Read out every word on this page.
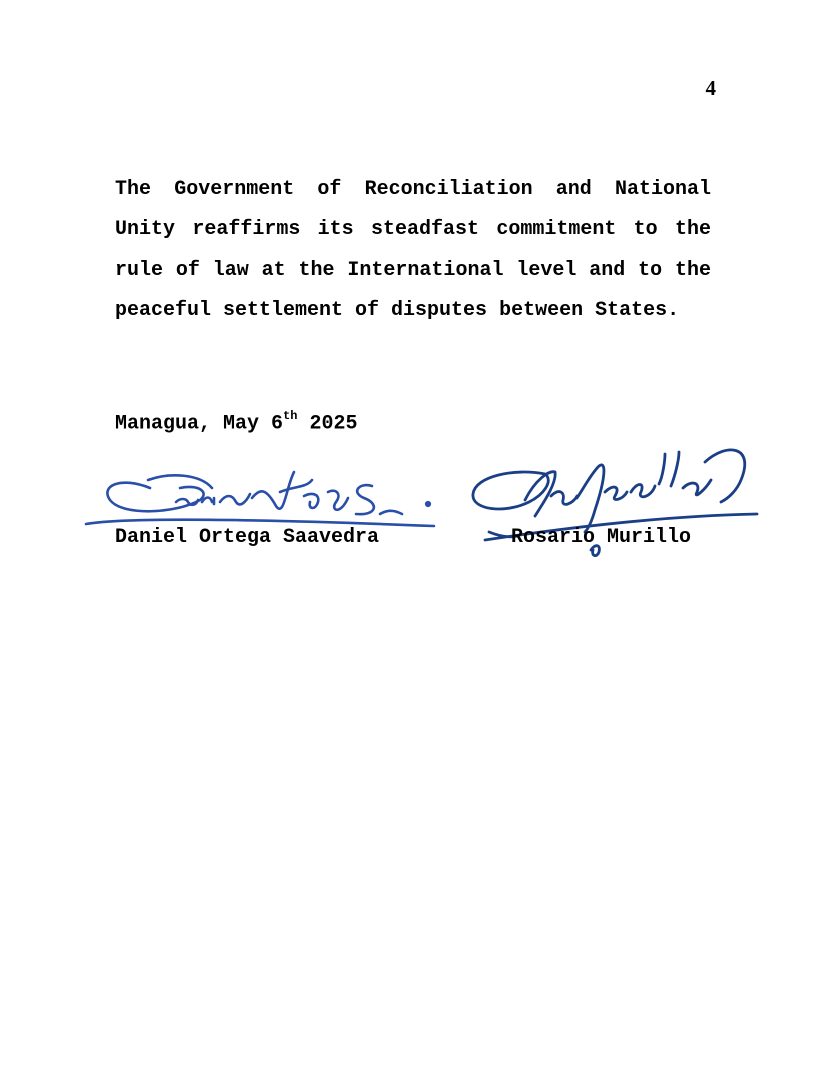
4

The Government of Reconciliation and National Unity reaffirms its steadfast commitment to the rule of law at the International level and to the peaceful settlement of disputes between States.

Managua, May 6th 2025

Daniel Ortega Saavedra	Rosario Murillo
